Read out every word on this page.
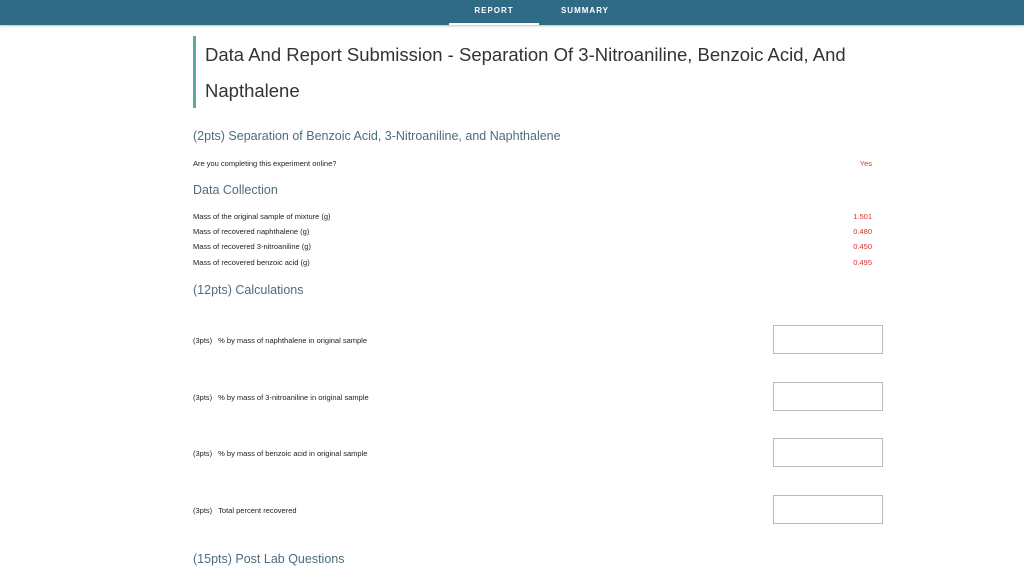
REPORT	SUMMARY
Data And Report Submission - Separation Of 3-Nitroaniline, Benzoic Acid, And Napthalene
(2pts) Separation of Benzoic Acid, 3-Nitroaniline, and Naphthalene
Are you completing this experiment online?	Yes
Data Collection
Mass of the original sample of mixture (g)	1.501
Mass of recovered naphthalene (g)	0.480
Mass of recovered 3-nitroaniline (g)	0.450
Mass of recovered benzoic acid (g)	0.495
(12pts) Calculations
(3pts) % by mass of naphthalene in original sample
(3pts) % by mass of 3-nitroaniline in original sample
(3pts) % by mass of benzoic acid in original sample
(3pts) Total percent recovered
(15pts) Post Lab Questions
